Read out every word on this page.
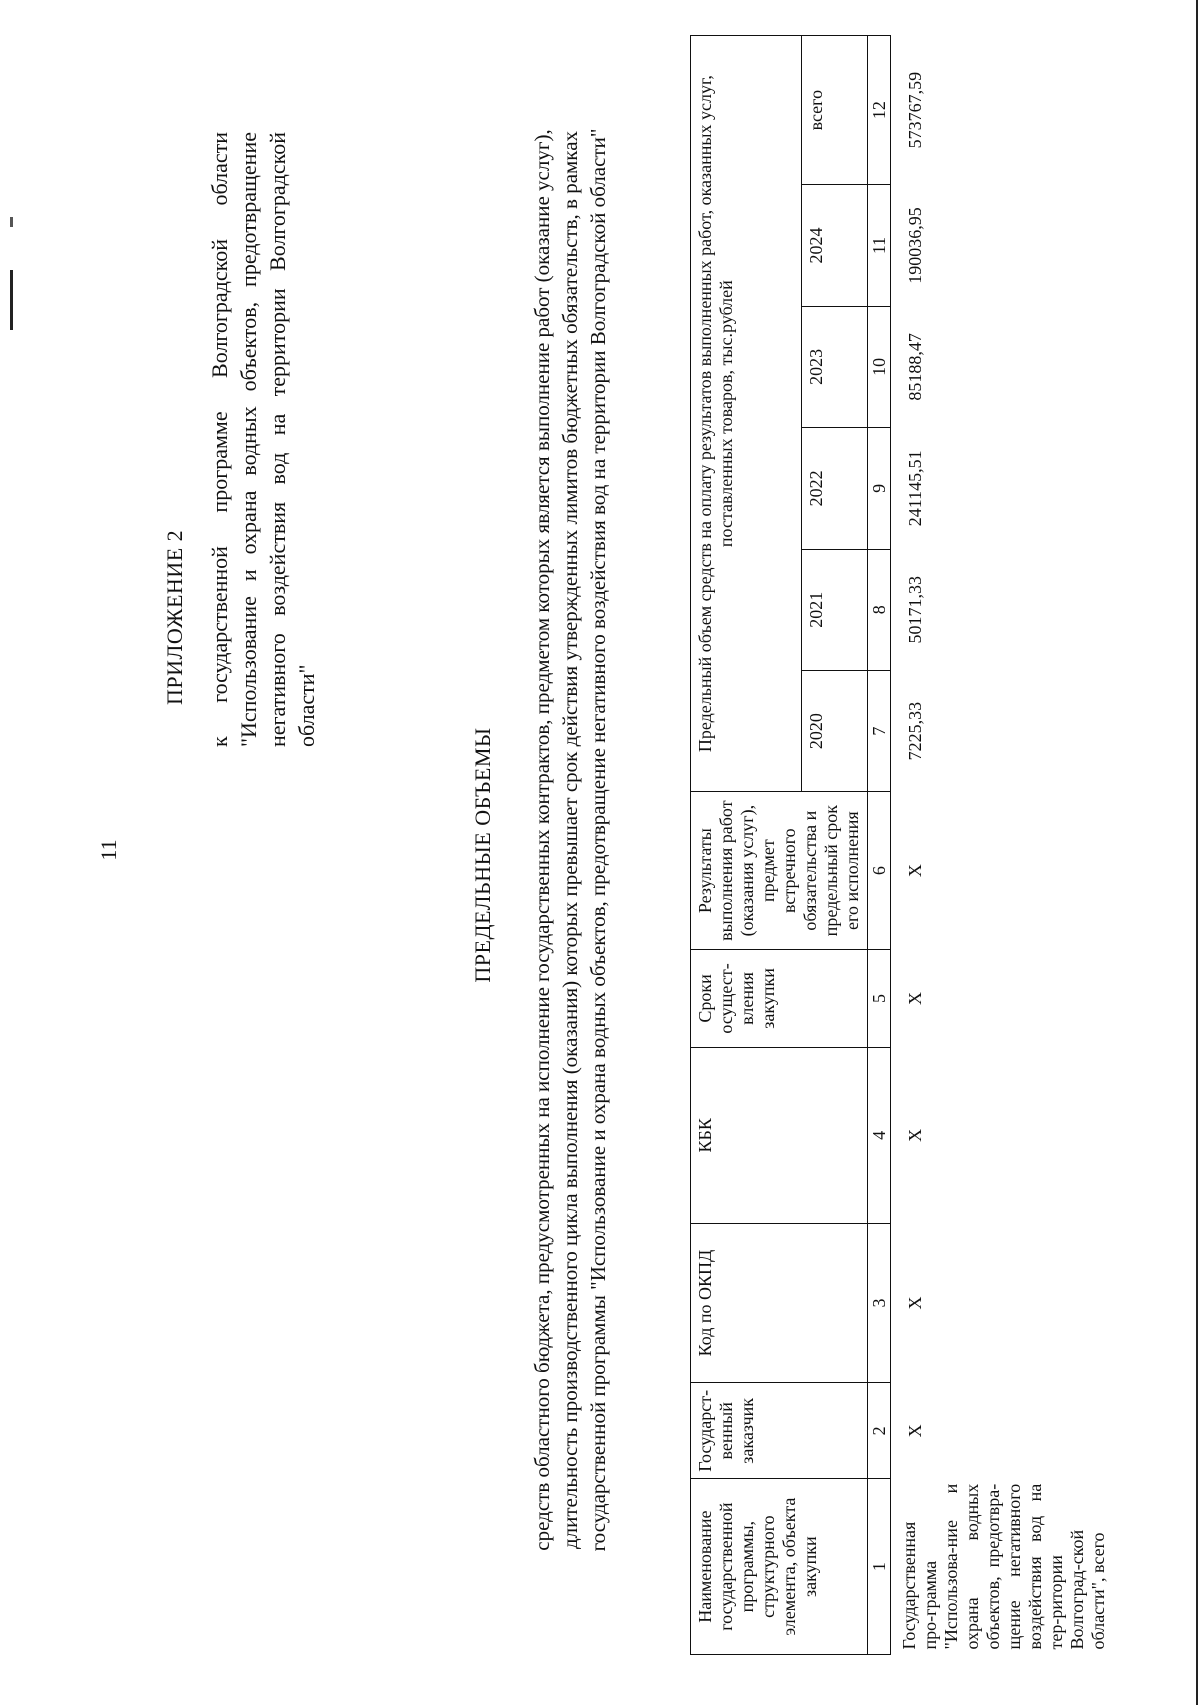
11
ПРИЛОЖЕНИЕ 2 к государственной программе Волгоградской области "Использование и охрана водных объектов, предотвращение негативного воздействия вод на территории Волгоградской области"
ПРЕДЕЛЬНЫЕ ОБЪЕМЫ средств областного бюджета, предусмотренных на исполнение государственных контрактов, предметом которых является выполнение работ (оказание услуг), длительность производственного цикла выполнения (оказания) которых превышает срок действия утвержденных лимитов бюджетных обязательств, в рамках государственной программы "Использование и охрана водных объектов, предотвращение негативного воздействия вод на территории Волгоградской области"
Наименование государственной программы, структурного элемента, объекта закупки	Государст-венный заказчик	Код по ОКПД	КБК	Сроки осущест-вления закупки	Результаты выполнения работ (оказания услуг), предмет встречного обязательства и предельный срок его исполнения	Предельный объем средств на оплату результатов выполненных работ, оказанных услуг, поставленных товаров, тыс.рублей					
						2020	2021	2022	2023	2024	всего
1	2	3	4	5	6	7	8	9	10	11	12
Государственная про-грамма "Использова-ние и охрана водных объектов, предотвра-щение негативного воздействия вод на тер-ритории Волгоград-ской области", всего	Х	Х	Х	Х	Х	7225,33	50171,33	241145,51	85188,47	190036,95	573767,59
